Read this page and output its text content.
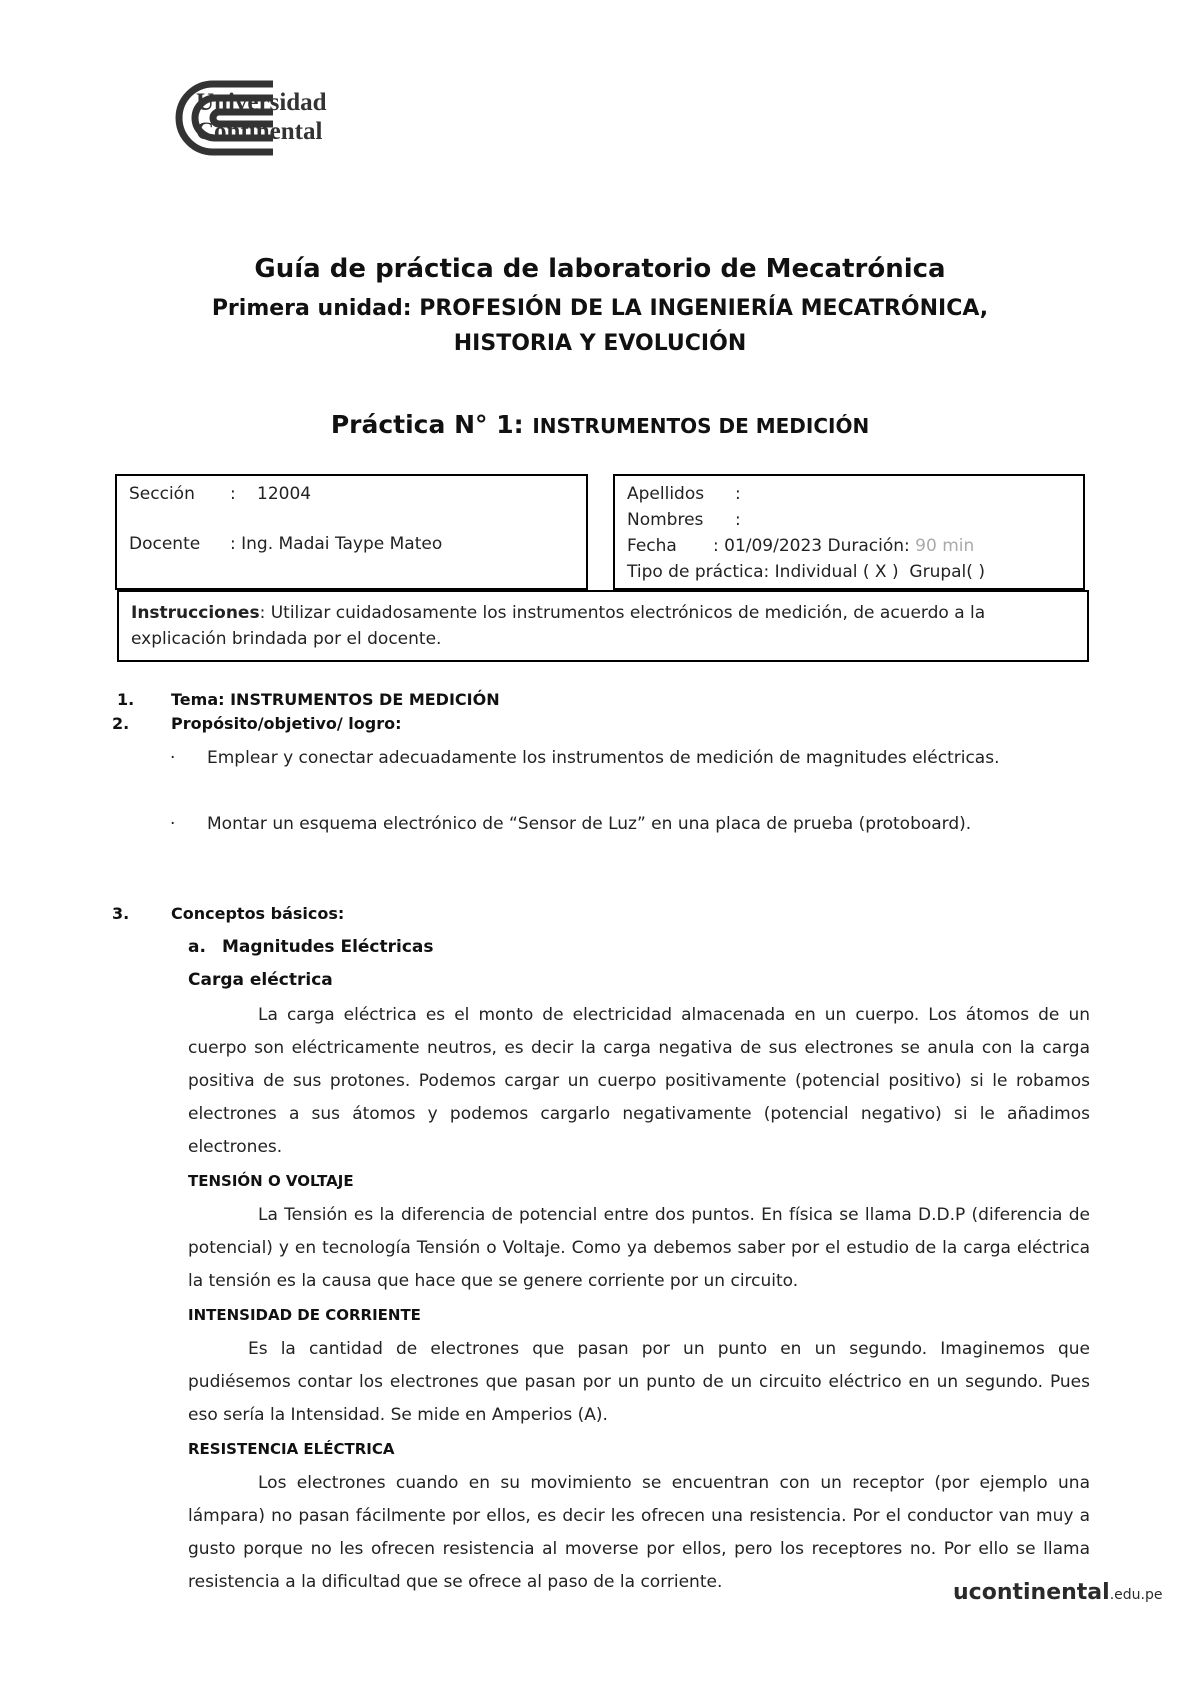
Universidad
Continental
Guía de práctica de laboratorio de Mecatrónica
Primera unidad: PROFESIÓN DE LA INGENIERÍA MECATRÓNICA,
HISTORIA Y EVOLUCIÓN
Práctica N° 1: INSTRUMENTOS DE MEDICIÓN
Sección : 12004
Docente : Ing. Madai Taype Mateo
Apellidos :
Nombres :
Fecha : 01/09/2023 Duración: 90 min
Tipo de práctica: Individual ( X ) Grupal( )
Instrucciones: Utilizar cuidadosamente los instrumentos electrónicos de medición, de acuerdo a la
explicación brindada por el docente.
1. Tema: INSTRUMENTOS DE MEDICIÓN
2.	Propósito/objetivo/ logro:
· Emplear y conectar adecuadamente los instrumentos de medición de magnitudes eléctricas.
· Montar un esquema electrónico de “Sensor de Luz” en una placa de prueba (protoboard).
3.	Conceptos básicos:
a. Magnitudes Eléctricas
Carga eléctrica
La carga eléctrica es el monto de electricidad almacenada en un cuerpo. Los átomos de un cuerpo son eléctricamente neutros, es decir la carga negativa de sus electrones se anula con la carga positiva de sus protones. Podemos cargar un cuerpo positivamente (potencial positivo) si le robamos electrones a sus átomos y podemos cargarlo negativamente (potencial negativo) si le añadimos electrones.
TENSIÓN O VOLTAJE
La Tensión es la diferencia de potencial entre dos puntos. En física se llama D.D.P (diferencia de potencial) y en tecnología Tensión o Voltaje. Como ya debemos saber por el estudio de la carga eléctrica la tensión es la causa que hace que se genere corriente por un circuito.
INTENSIDAD DE CORRIENTE
Es la cantidad de electrones que pasan por un punto en un segundo. Imaginemos que pudiésemos contar los electrones que pasan por un punto de un circuito eléctrico en un segundo. Pues eso sería la Intensidad. Se mide en Amperios (A).
RESISTENCIA ELÉCTRICA
Los electrones cuando en su movimiento se encuentran con un receptor (por ejemplo una lámpara) no pasan fácilmente por ellos, es decir les ofrecen una resistencia. Por el conductor van muy a gusto porque no les ofrecen resistencia al moverse por ellos, pero los receptores no. Por ello se llama resistencia a la dificultad que se ofrece al paso de la corriente.	ucontinental.edu.pe
